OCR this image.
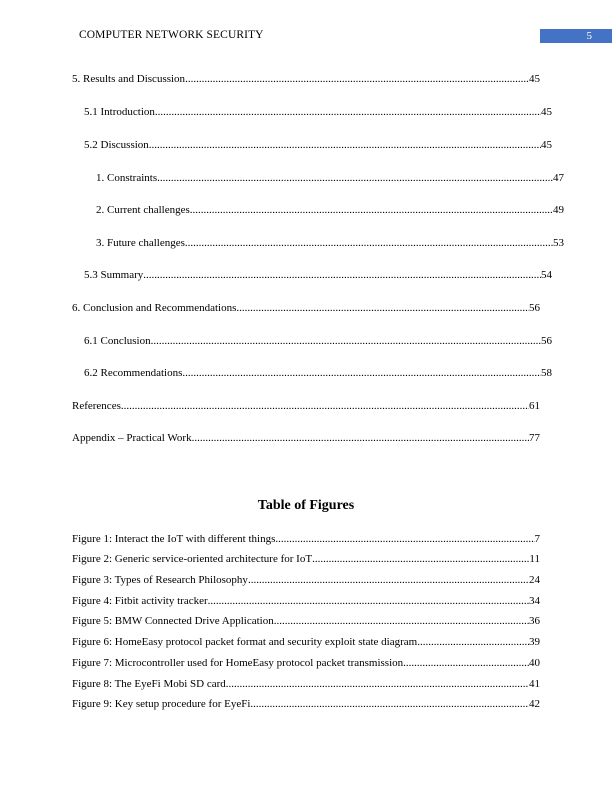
COMPUTER NETWORK SECURITY	5
5. Results and Discussion .....	45
5.1 Introduction .....	45
5.2 Discussion .....	45
1. Constraints .....	47
2. Current challenges .....	49
3. Future challenges .....	53
5.3 Summary .....	54
6. Conclusion and Recommendations .....	56
6.1 Conclusion .....	56
6.2 Recommendations .....	58
References .....	61
Appendix – Practical Work .....	77
Table of Figures
Figure 1: Interact the IoT with different things .....	7
Figure 2: Generic service-oriented architecture for IoT .....	11
Figure 3: Types of Research Philosophy .....	24
Figure 4: Fitbit activity tracker .....	34
Figure 5: BMW Connected Drive Application .....	36
Figure 6: HomeEasy protocol packet format and security exploit state diagram .....	39
Figure 7: Microcontroller used for HomeEasy protocol packet transmission .....	40
Figure 8: The EyeFi Mobi SD card .....	41
Figure 9: Key setup procedure for EyeFi .....	42
